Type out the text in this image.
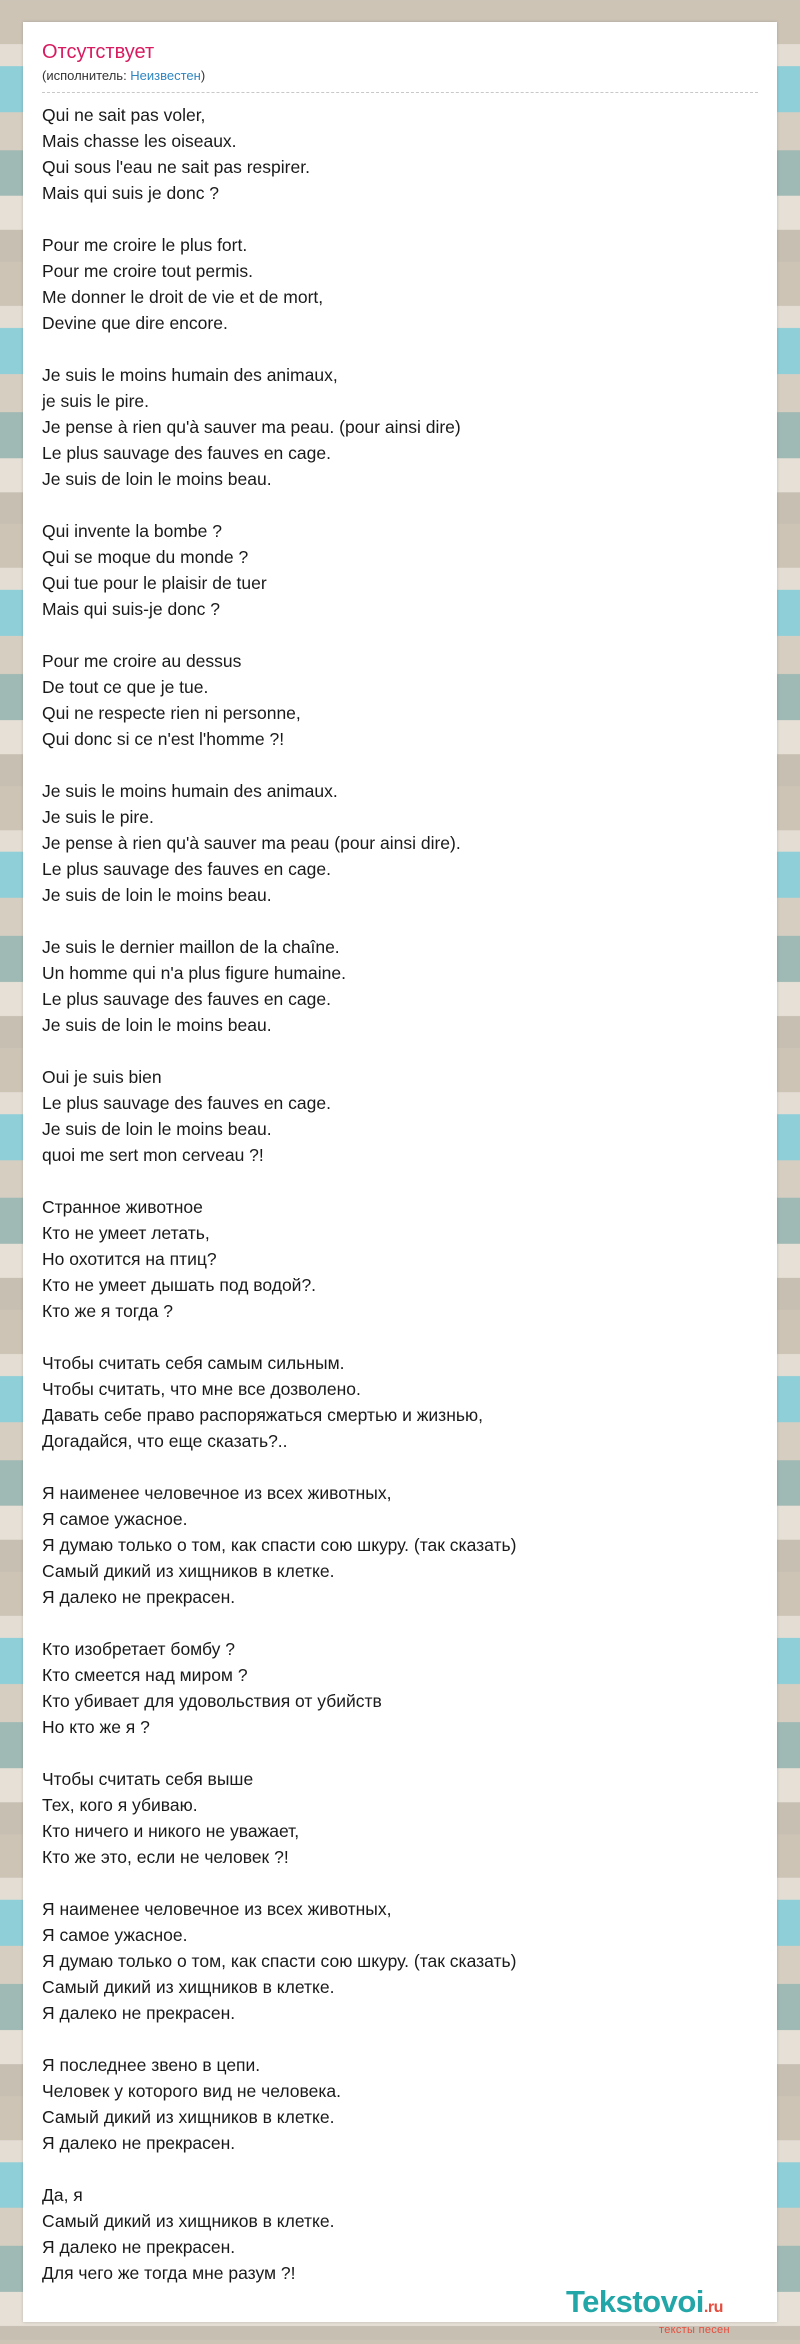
Отсутствует
(исполнитель: Неизвестен)
Qui ne sait pas voler,
Mais chasse les oiseaux.
Qui sous l'eau ne sait pas respirer.
Mais qui suis je donc ?
Pour me croire le plus fort.
Pour me croire tout permis.
Me donner le droit de vie et de mort,
Devine que dire encore.
Je suis le moins humain des animaux,
je suis le pire.
Je pense à rien qu'à sauver ma peau. (pour ainsi dire)
Le plus sauvage des fauves en cage.
Je suis de loin le moins beau.
Qui invente la bombe ?
Qui se moque du monde ?
Qui tue pour le plaisir de tuer
Mais qui suis-je donc ?
Pour me croire au dessus
De tout ce que je tue.
Qui ne respecte rien ni personne,
Qui donc si ce n'est l'homme ?!
Je suis le moins humain des animaux.
Je suis le pire.
Je pense à rien qu'à sauver ma peau (pour ainsi dire).
Le plus sauvage des fauves en cage.
Je suis de loin le moins beau.
Je suis le dernier maillon de la chaîne.
Un homme qui n'a plus figure humaine.
Le plus sauvage des fauves en cage.
Je suis de loin le moins beau.
Oui je suis bien
Le plus sauvage des fauves en cage.
Je suis de loin le moins beau.
quoi me sert mon cerveau ?!
Странное животное
Кто не умеет летать,
Но охотится на птиц?
Кто не умеет дышать под водой?.
Кто же я тогда ?
Чтобы считать себя самым сильным.
Чтобы считать, что мне все дозволено.
Давать себе право распоряжаться смертью и жизнью,
Догадайся, что еще сказать?..
Я наименее человечное из всех животных,
Я самое ужасное.
Я думаю только о том, как спасти сою шкуру. (так сказать)
Самый дикий из хищников в клетке.
Я далеко не прекрасен.
Кто изобретает бомбу ?
Кто смеется над миром ?
Кто убивает для удовольствия от убийств
Но кто же я ?
Чтобы считать себя выше
Тех, кого я убиваю.
Кто ничего и никого не уважает,
Кто же это, если не человек ?!
Я наименее человечное из всех животных,
Я самое ужасное.
Я думаю только о том, как спасти сою шкуру. (так сказать)
Самый дикий из хищников в клетке.
Я далеко не прекрасен.
Я последнее звено в цепи.
Человек у которого вид не человека.
Самый дикий из хищников в клетке.
Я далеко не прекрасен.
Да, я
Самый дикий из хищников в клетке.
Я далеко не прекрасен.
Для чего же тогда мне разум ?!
Tekstovoi.ru
тексты песен
